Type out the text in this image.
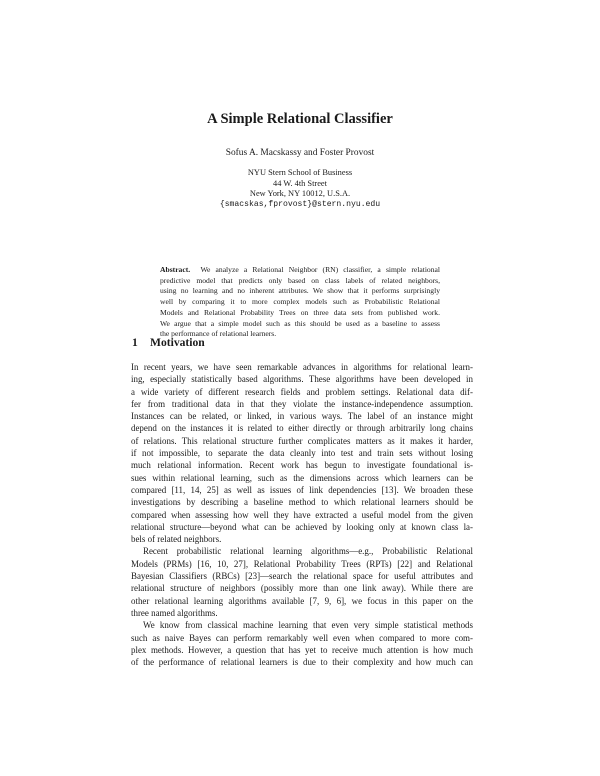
A Simple Relational Classifier
Sofus A. Macskassy and Foster Provost
NYU Stern School of Business
44 W. 4th Street
New York, NY 10012, U.S.A.
{smacskas,fprovost}@stern.nyu.edu
Abstract. We analyze a Relational Neighbor (RN) classifier, a simple relational
predictive model that predicts only based on class labels of related neighbors,
using no learning and no inherent attributes. We show that it performs surprisingly
well by comparing it to more complex models such as Probabilistic Relational
Models and Relational Probability Trees on three data sets from published work.
We argue that a simple model such as this should be used as a baseline to assess
the performance of relational learners.
1 Motivation
In recent years, we have seen remarkable advances in algorithms for relational learn-
ing, especially statistically based algorithms. These algorithms have been developed in
a wide variety of different research fields and problem settings. Relational data dif-
fer from traditional data in that they violate the instance-independence assumption.
Instances can be related, or linked, in various ways. The label of an instance might
depend on the instances it is related to either directly or through arbitrarily long chains
of relations. This relational structure further complicates matters as it makes it harder,
if not impossible, to separate the data cleanly into test and train sets without losing
much relational information. Recent work has begun to investigate foundational is-
sues within relational learning, such as the dimensions across which learners can be
compared [11, 14, 25] as well as issues of link dependencies [13]. We broaden these
investigations by describing a baseline method to which relational learners should be
compared when assessing how well they have extracted a useful model from the given
relational structure—beyond what can be achieved by looking only at known class la-
bels of related neighbors.
Recent probabilistic relational learning algorithms—e.g., Probabilistic Relational
Models (PRMs) [16, 10, 27], Relational Probability Trees (RPTs) [22] and Relational
Bayesian Classifiers (RBCs) [23]—search the relational space for useful attributes and
relational structure of neighbors (possibly more than one link away). While there are
other relational learning algorithms available [7, 9, 6], we focus in this paper on the
three named algorithms.
We know from classical machine learning that even very simple statistical methods
such as naive Bayes can perform remarkably well even when compared to more com-
plex methods. However, a question that has yet to receive much attention is how much
of the performance of relational learners is due to their complexity and how much can
